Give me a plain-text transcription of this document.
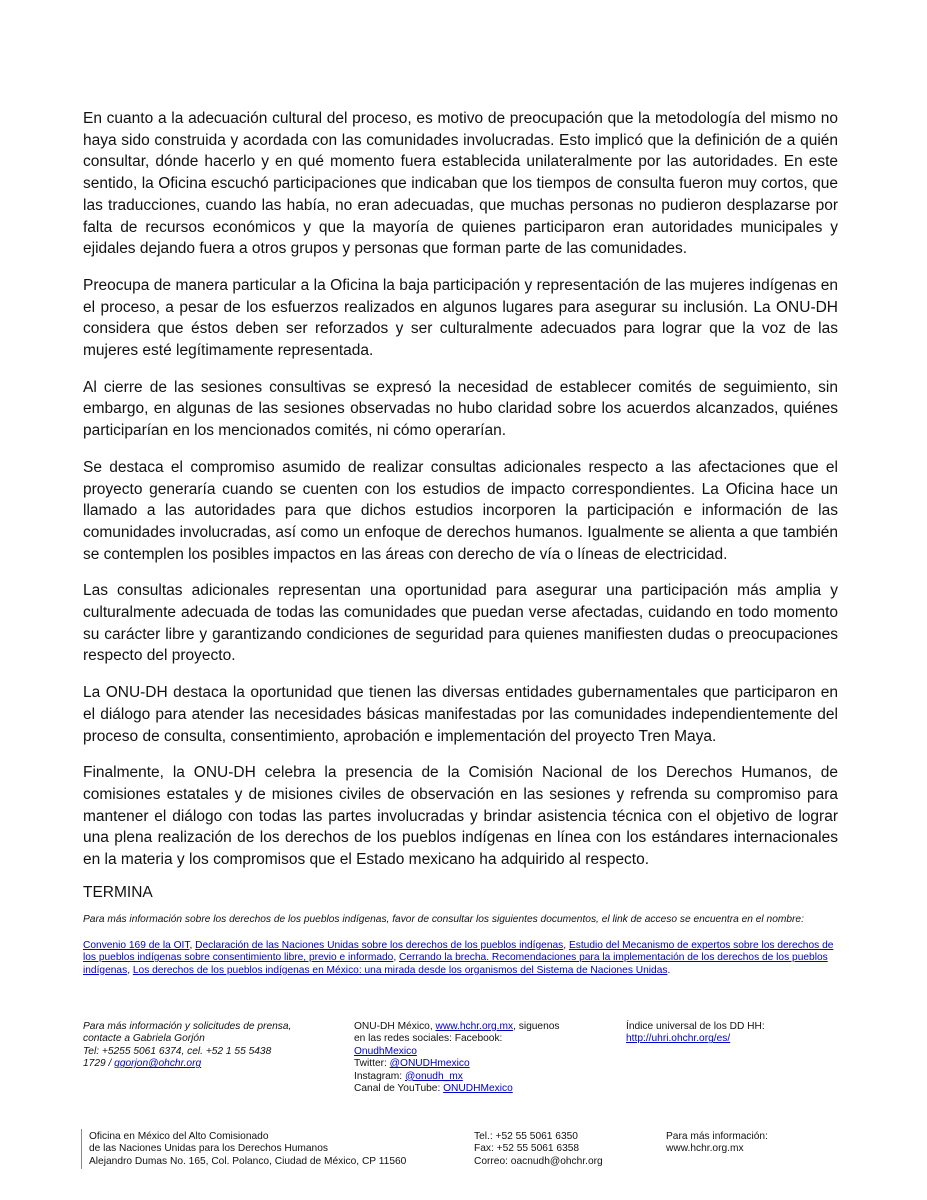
En cuanto a la adecuación cultural del proceso, es motivo de preocupación que la metodología del mismo no haya sido construida y acordada con las comunidades involucradas. Esto implicó que la definición de a quién consultar, dónde hacerlo y en qué momento fuera establecida unilateralmente por las autoridades. En este sentido, la Oficina escuchó participaciones que indicaban que los tiempos de consulta fueron muy cortos, que las traducciones, cuando las había, no eran adecuadas, que muchas personas no pudieron desplazarse por falta de recursos económicos y que la mayoría de quienes participaron eran autoridades municipales y ejidales dejando fuera a otros grupos y personas que forman parte de las comunidades.

Preocupa de manera particular a la Oficina la baja participación y representación de las mujeres indígenas en el proceso, a pesar de los esfuerzos realizados en algunos lugares para asegurar su inclusión. La ONU-DH considera que éstos deben ser reforzados y ser culturalmente adecuados para lograr que la voz de las mujeres esté legítimamente representada.

Al cierre de las sesiones consultivas se expresó la necesidad de establecer comités de seguimiento, sin embargo, en algunas de las sesiones observadas no hubo claridad sobre los acuerdos alcanzados, quiénes participarían en los mencionados comités, ni cómo operarían.

Se destaca el compromiso asumido de realizar consultas adicionales respecto a las afectaciones que el proyecto generaría cuando se cuenten con los estudios de impacto correspondientes. La Oficina hace un llamado a las autoridades para que dichos estudios incorporen la participación e información de las comunidades involucradas, así como un enfoque de derechos humanos. Igualmente se alienta a que también se contemplen los posibles impactos en las áreas con derecho de vía o líneas de electricidad.

Las consultas adicionales representan una oportunidad para asegurar una participación más amplia y culturalmente adecuada de todas las comunidades que puedan verse afectadas, cuidando en todo momento su carácter libre y garantizando condiciones de seguridad para quienes manifiesten dudas o preocupaciones respecto del proyecto.

La ONU-DH destaca la oportunidad que tienen las diversas entidades gubernamentales que participaron en el diálogo para atender las necesidades básicas manifestadas por las comunidades independientemente del proceso de consulta, consentimiento, aprobación e implementación del proyecto Tren Maya.

Finalmente, la ONU-DH celebra la presencia de la Comisión Nacional de los Derechos Humanos, de comisiones estatales y de misiones civiles de observación en las sesiones y refrenda su compromiso para mantener el diálogo con todas las partes involucradas y brindar asistencia técnica con el objetivo de lograr una plena realización de los derechos de los pueblos indígenas en línea con los estándares internacionales en la materia y los compromisos que el Estado mexicano ha adquirido al respecto.

TERMINA
Para más información sobre los derechos de los pueblos indígenas, favor de consultar los siguientes documentos, el link de acceso se encuentra en el nombre:
Convenio 169 de la OIT, Declaración de las Naciones Unidas sobre los derechos de los pueblos indígenas, Estudio del Mecanismo de expertos sobre los derechos de los pueblos indígenas sobre consentimiento libre, previo e informado, Cerrando la brecha. Recomendaciones para la implementación de los derechos de los pueblos indígenas, Los derechos de los pueblos indígenas en México: una mirada desde los organismos del Sistema de Naciones Unidas.
Para más información y solicitudes de prensa,
contacte a Gabriela Gorjón
Tel: +5255 5061 6374, cel. +52 1 55 5438
1729 / ggorjon@ohchr.org
ONU-DH México, www.hchr.org.mx, siguenos
en las redes sociales: Facebook:
OnudhMexico
Twitter: @ONUDHmexico
Instagram: @onudh_mx
Canal de YouTube: ONUDHMexico
Índice universal de los DD HH:
http://uhri.ohchr.org/es/
Oficina en México del Alto Comisionado
de las Naciones Unidas para los Derechos Humanos
Alejandro Dumas No. 165, Col. Polanco, Ciudad de México, CP 11560
Tel.: +52 55 5061 6350
Fax: +52 55 5061 6358
Correo: oacnudh@ohchr.org
Para más información:
www.hchr.org.mx
